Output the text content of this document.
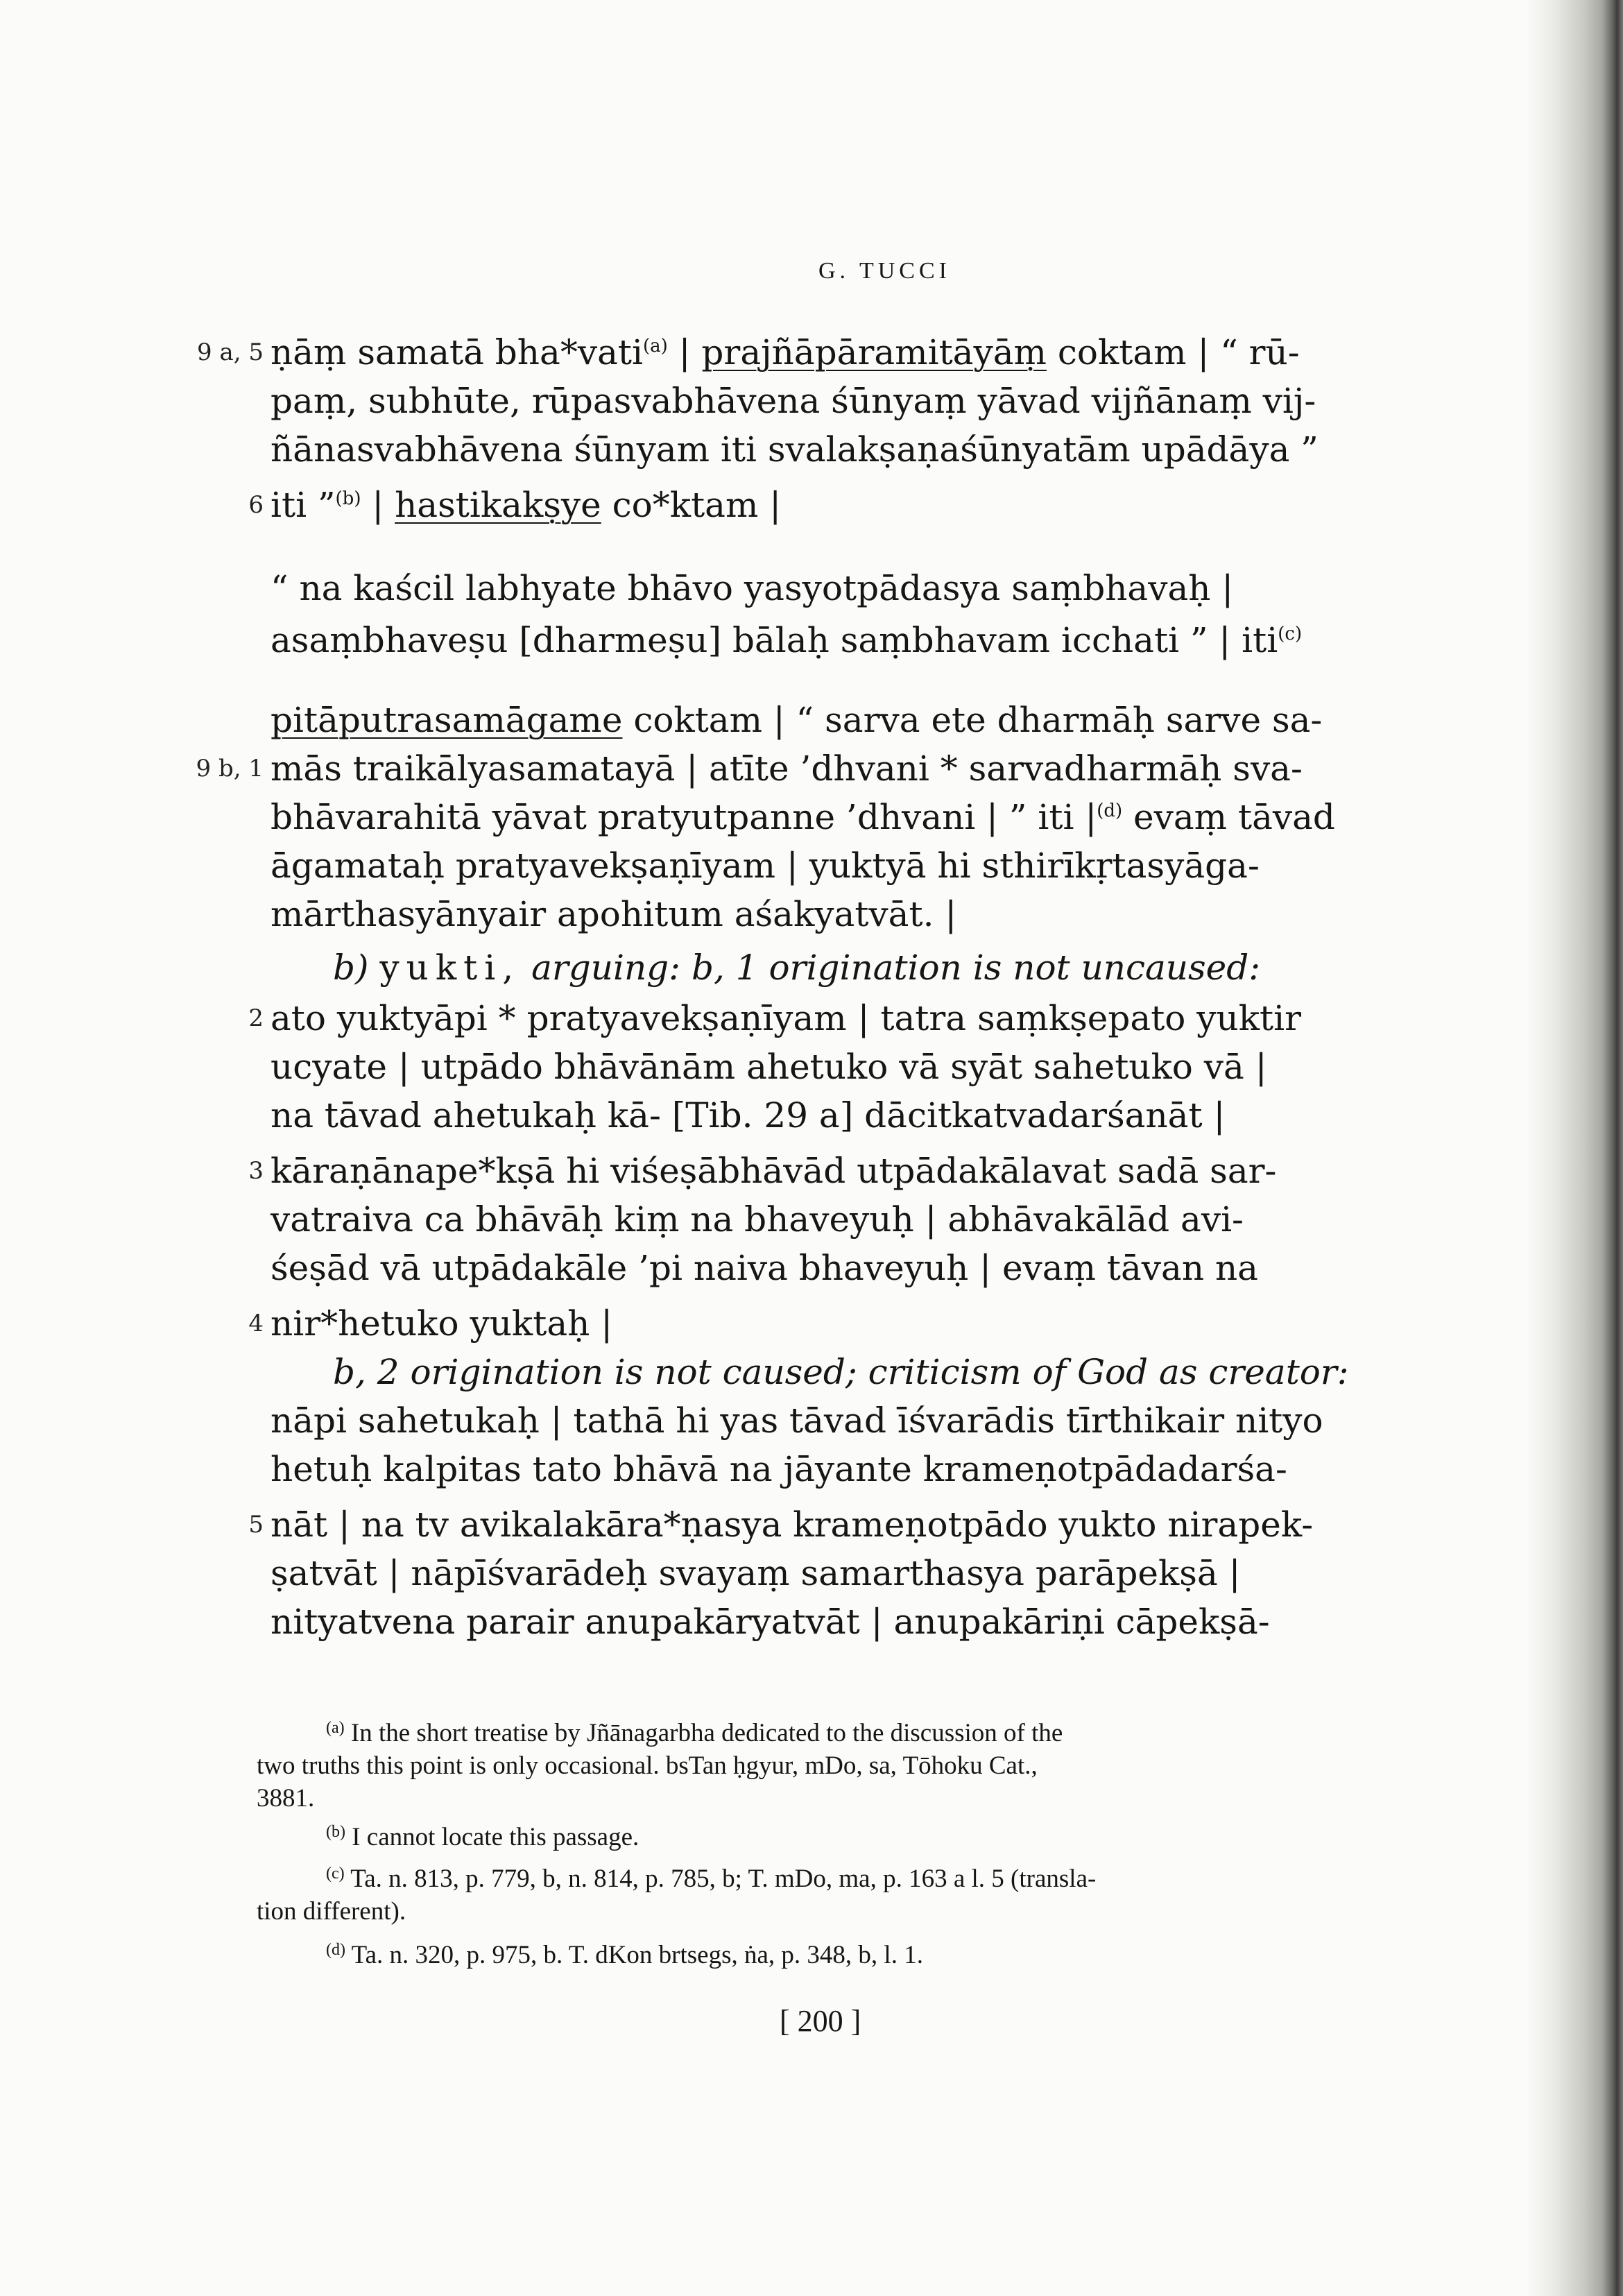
G. TUCCI
9 a, 5 ṇāṃ samatā bha*vati$^{(a)}$ | prajñāpāramitāyāṃ coktam | “ rū-
paṃ, subhūte, rūpasvabhāvena śūnyaṃ yāvad vijñānaṃ vij-
ñānasvabhāvena śūnyam iti svalakṣaṇaśūnyatām upādāya ”
6 iti ”$^{(b)}$ | hastikakṣye co*ktam |
“ na kaścil labhyate bhāvo yasyotpādasya saṃbhavaḥ |
asaṃbhaveṣu [dharmeṣu] bālaḥ saṃbhavam icchati ” | iti$^{(c)}$
pitāputrasamāgame coktam | “ sarva ete dharmāḥ sarve sa-
9 b, 1 mās traikālyasamatayā | atīte ’dhvani * sarvadharmāḥ sva-
bhāvarahitā yāvat pratyutpanne ’dhvani | ” iti $|^{(d)}$ evaṃ tāvad
āgamataḥ pratyavekṣaṇīyam | yuktyā hi sthirīkṛtasyāga-
mārthasyānyair apohitum aśakyatvāt. |
b) yukti, arguing: b, 1 origination is not uncaused:
2 ato yuktyāpi * pratyavekṣaṇīyam | tatra saṃkṣepato yuktir
ucyate | utpādo bhāvānām ahetuko vā syāt sahetuko vā |
na tāvad ahetukaḥ kā- [Tib. 29 a] dācitkatvadarśanāt |
3 kāraṇānape*kṣā hi viśeṣābhāvād utpādakālavat sadā sar-
vatraiva ca bhāvāḥ kiṃ na bhaveyuḥ | abhāvakālād avi-
śeṣād vā utpādakāle ’pi naiva bhaveyuḥ | evaṃ tāvan na
4 nir*hetuko yuktaḥ |
b, 2 origination is not caused; criticism of God as creator:
nāpi sahetukaḥ | tathā hi yas tāvad īśvarādis tīrthikair nityo
hetuḥ kalpitas tato bhāvā na jāyante krameṇotpādadarśa-
5 nāt | na tv avikalakāra*ṇasya krameṇotpādo yukto nirapek-
ṣatvāt | nāpīśvarādeḥ svayaṃ samarthasya parāpekṣā |
nityatvena parair anupakāryatvāt | anupakāriṇi cāpekṣā-
$^{(a)}$ In the short treatise by Jñānagarbha dedicated to the discussion of the
two truths this point is only occasional. bsTan ḥgyur, mDo, sa, Tōhoku Cat.,
3881.
$^{(b)}$ I cannot locate this passage.
$^{(c)}$ Ta. n. 813, p. 779, b, n. 814, p. 785, b; T. mDo, ma, p. 163 a l. 5 (transla-
tion different).
$^{(d)}$ Ta. n. 320, p. 975, b. T. dKon brtsegs, ṅa, p. 348, b, l. 1.
[ 200 ]
